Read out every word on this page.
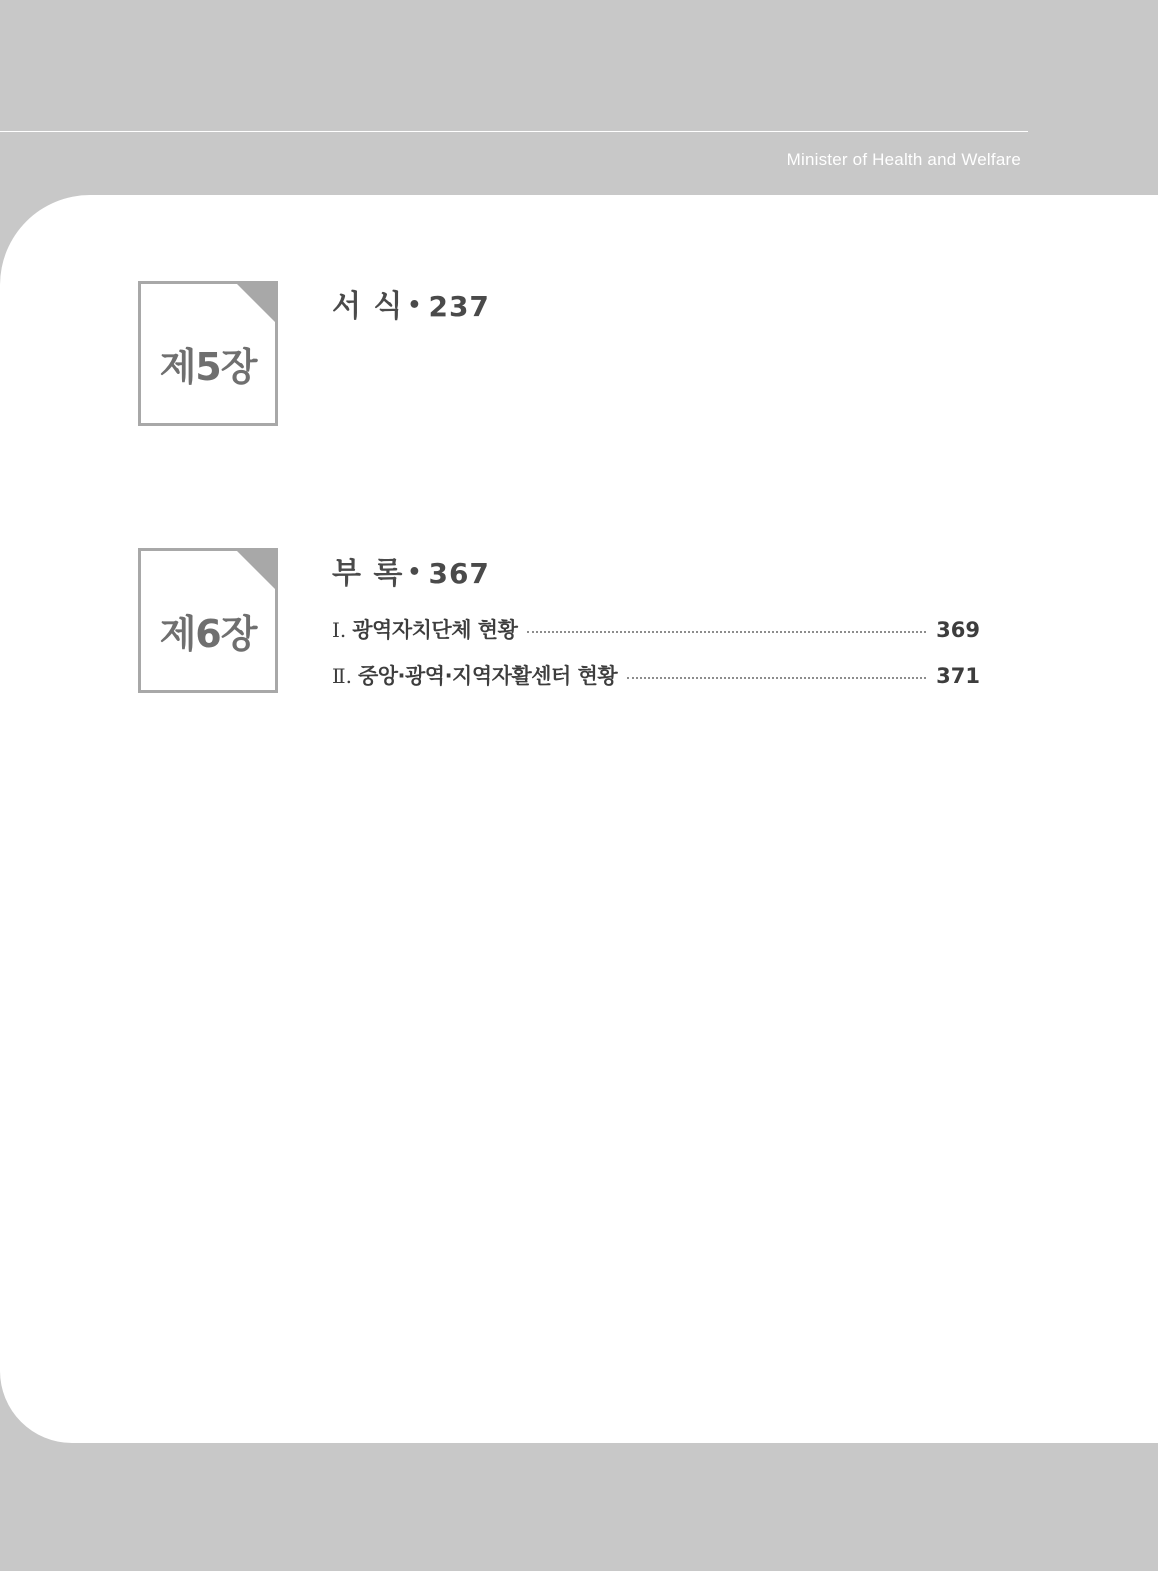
Minister of Health and Welfare
제5장
서 식 • 237
제6장
부 록 • 367
Ⅰ. 광역자치단체 현황	369
Ⅱ. 중앙·광역·지역자활센터 현황	371
